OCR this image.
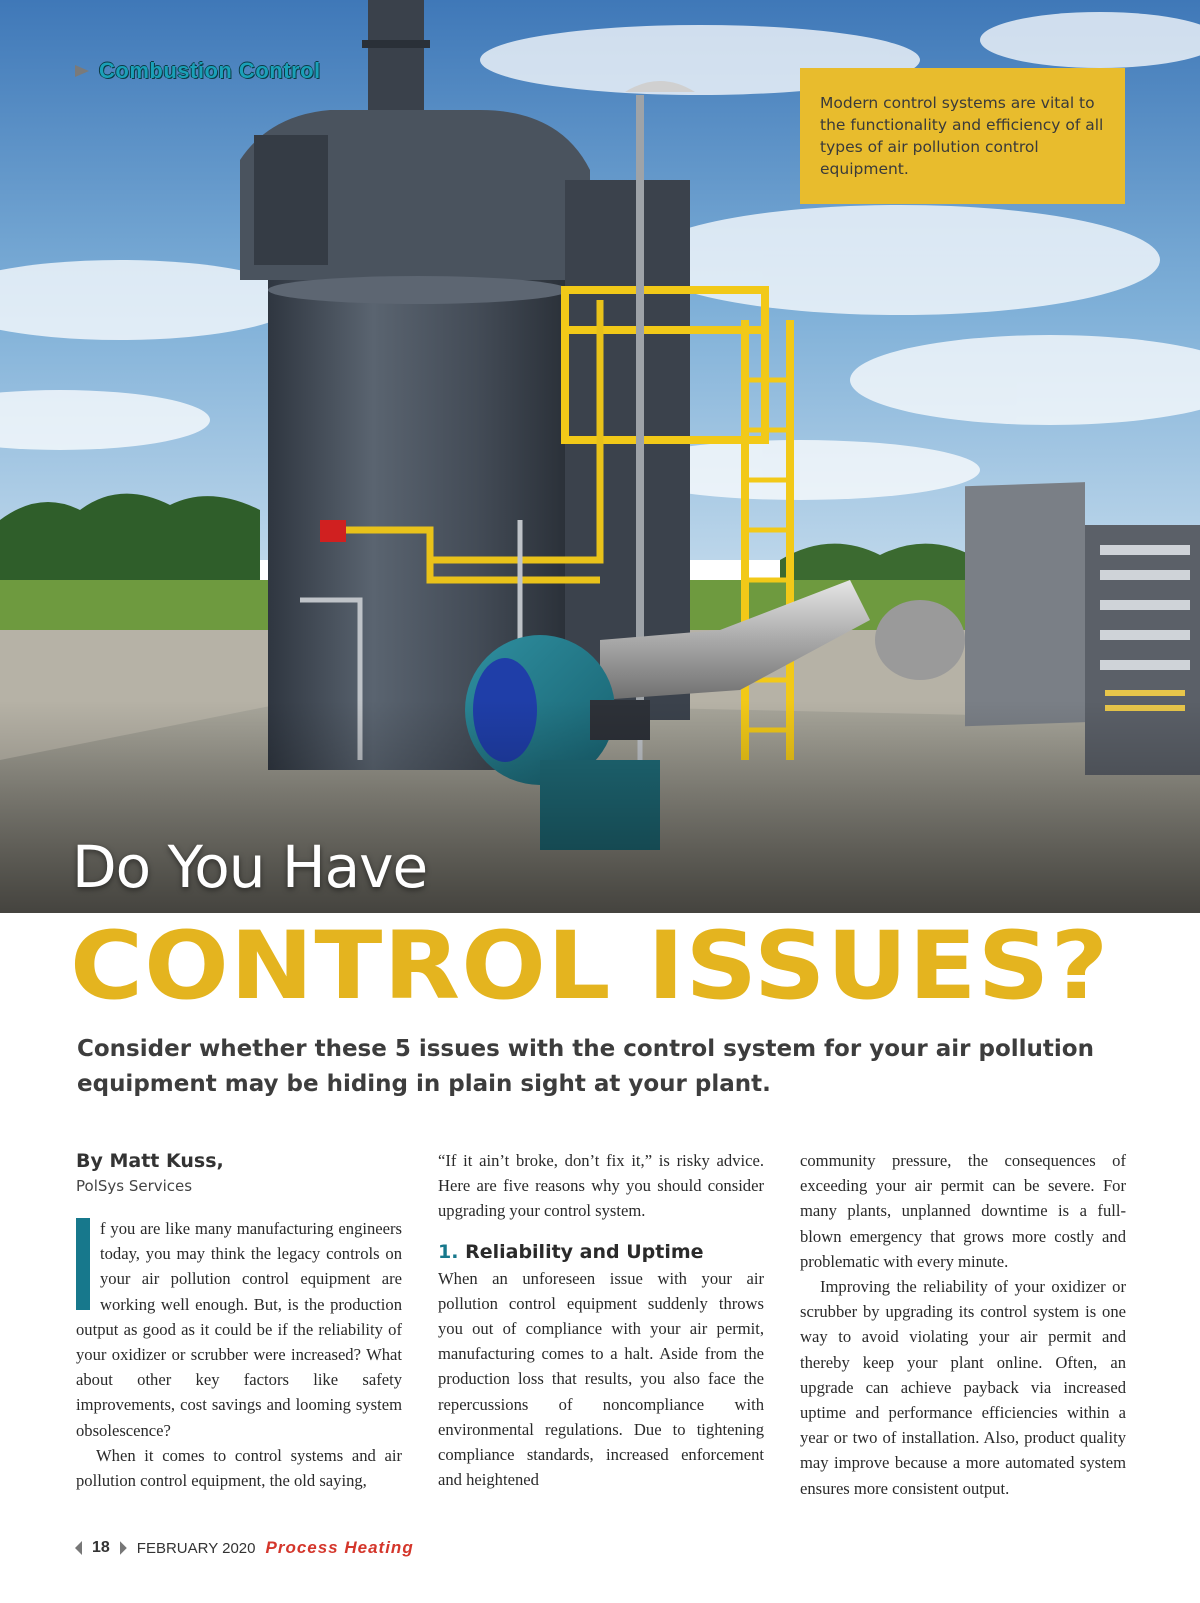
Combustion Control
Modern control systems are vital to the functionality and efficiency of all types of air pollution control equipment.
Do You Have
CONTROL ISSUES?
Consider whether these 5 issues with the control system for your air pollution equipment may be hiding in plain sight at your plant.

By Matt Kuss,

PolSys Services

f you are like many manufacturing engineers today, you may think the legacy controls on your air pollution control equipment are working well enough. But, is the production output as good as it could be if the reliability of your oxidizer or scrubber were increased? What about other key factors like safety improvements, cost savings and looming system obsolescence?

When it comes to control systems and air pollution control equipment, the old saying,

“If it ain’t broke, don’t fix it,” is risky advice. Here are five reasons why you should consider upgrading your control system.

1. Reliability and Uptime

When an unforeseen issue with your air pollution control equipment suddenly throws you out of compliance with your air permit, manufacturing comes to a halt. Aside from the production loss that results, you also face the repercussions of noncompliance with environmental regulations. Due to tightening compliance standards, increased enforcement and heightened

community pressure, the consequences of exceeding your air permit can be severe. For many plants, unplanned downtime is a full-blown emergency that grows more costly and problematic with every minute.

Improving the reliability of your oxidizer or scrubber by upgrading its control system is one way to avoid violating your air permit and thereby keep your plant online. Often, an upgrade can achieve payback via increased uptime and performance efficiencies within a year or two of installation. Also, product quality may improve because a more automated system ensures more consistent output.

18 FEBRUARY 2020 Process Heating
